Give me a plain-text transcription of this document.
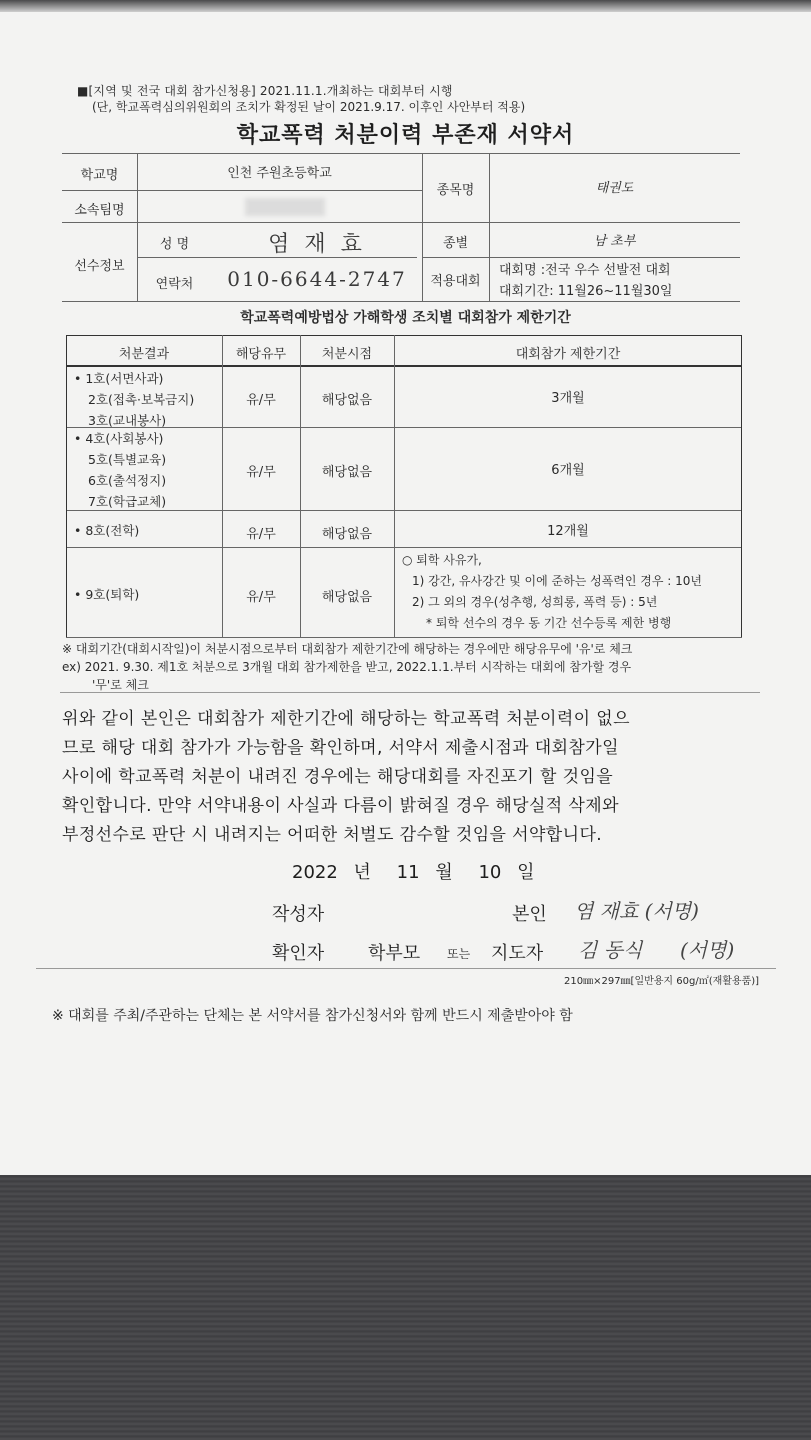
■[지역 및 전국 대회 참가신청용] 2021.11.1.개최하는 대회부터 시행
(단, 학교폭력심의위원회의 조치가 확정된 날이 2021.9.17. 이후인 사안부터 적용)
학교폭력 처분이력 부존재 서약서
학교명	인천 주원초등학교
소속팀명
종목명	태권도
선수정보
성 명	염 재 효
연락처	010-6644-2747
종별	남 초부
적용대회
대회명 :전국 우수 선발전 대회
대회기간: 11월26~11월30일
학교폭력예방법상 가해학생 조치별 대회참가 제한기간
처분결과	해당유무	처분시점	대회참가 제한기간
• 1호(서면사과)
2호(접촉·보복금지)
3호(교내봉사)
유/무	해당없음	3개월
• 4호(사회봉사)
5호(특별교육)
6호(출석정지)
7호(학급교체)
유/무	해당없음	6개월
• 8호(전학)	유/무	해당없음	12개월
• 9호(퇴학)	유/무	해당없음
○ 퇴학 사유가,
1) 강간, 유사강간 및 이에 준하는 성폭력인 경우 : 10년
2) 그 외의 경우(성추행, 성희롱, 폭력 등) : 5년
* 퇴학 선수의 경우 동 기간 선수등록 제한 병행
※ 대회기간(대회시작일)이 처분시점으로부터 대회참가 제한기간에 해당하는 경우에만 해당유무에 '유'로 체크
ex) 2021. 9.30. 제1호 처분으로 3개월 대회 참가제한을 받고, 2022.1.1.부터 시작하는 대회에 참가할 경우
'무'로 체크
위와 같이 본인은 대회참가 제한기간에 해당하는 학교폭력 처분이력이 없으
므로 해당 대회 참가가 가능함을 확인하며, 서약서 제출시점과 대회참가일
사이에 학교폭력 처분이 내려진 경우에는 해당대회를 자진포기 할 것임을
확인합니다. 만약 서약내용이 사실과 다름이 밝혀질 경우 해당실적 삭제와
부정선수로 판단 시 내려지는 어떠한 처벌도 감수할 것임을 서약합니다.
2022 년 11 월 10 일
작성자	본인 염 재효 (서명)
확인자 학부모 또는 지도자 김 동식 (서명)
210㎜×297㎜[일반용지 60g/㎡(재활용품)]
※ 대회를 주최/주관하는 단체는 본 서약서를 참가신청서와 함께 반드시 제출받아야 함
